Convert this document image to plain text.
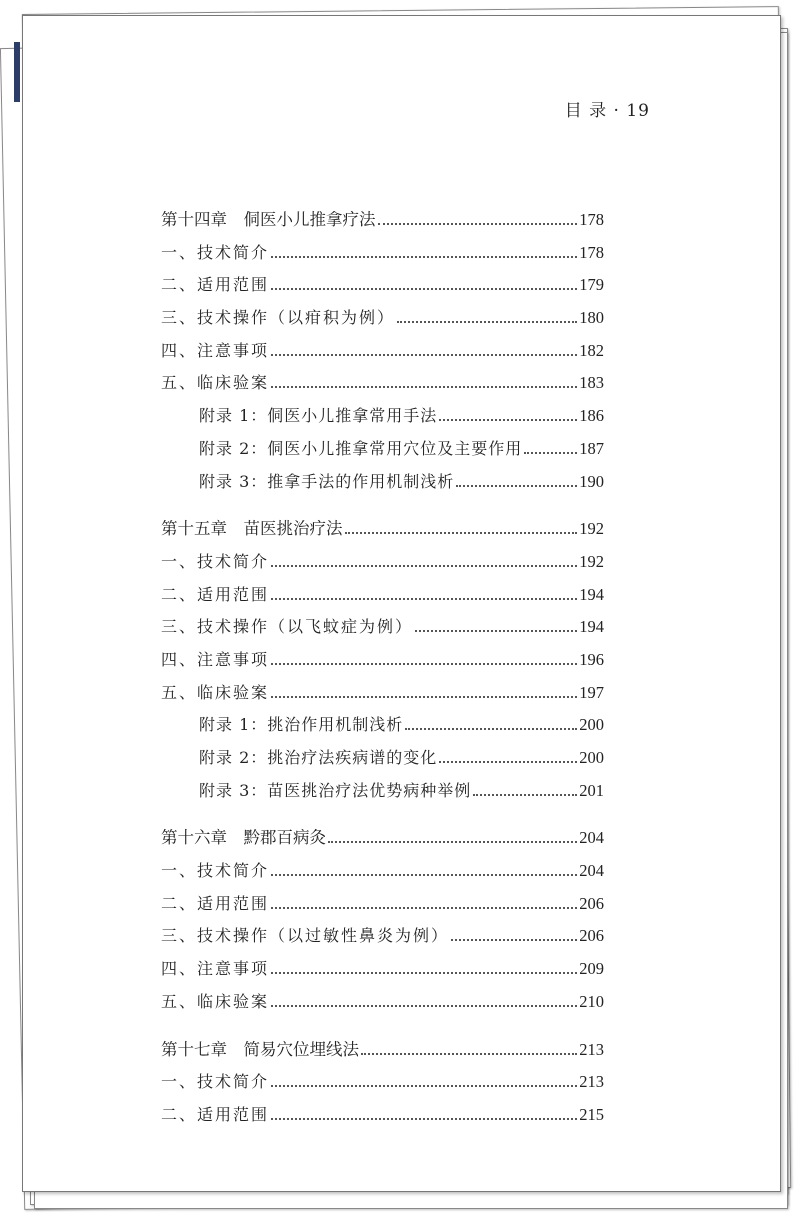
目 录 · 19
第十四章　侗医小儿推拿疗法	178
一、技术简介	178
二、适用范围	179
三、技术操作（以疳积为例）	180
四、注意事项	182
五、临床验案	183
附录 1：侗医小儿推拿常用手法	186
附录 2：侗医小儿推拿常用穴位及主要作用	187
附录 3：推拿手法的作用机制浅析	190
第十五章　苗医挑治疗法	192
一、技术简介	192
二、适用范围	194
三、技术操作（以飞蚊症为例）	194
四、注意事项	196
五、临床验案	197
附录 1：挑治作用机制浅析	200
附录 2：挑治疗法疾病谱的变化	200
附录 3：苗医挑治疗法优势病种举例	201
第十六章　黔郡百病灸	204
一、技术简介	204
二、适用范围	206
三、技术操作（以过敏性鼻炎为例）	206
四、注意事项	209
五、临床验案	210
第十七章　简易穴位埋线法	213
一、技术简介	213
二、适用范围	215
